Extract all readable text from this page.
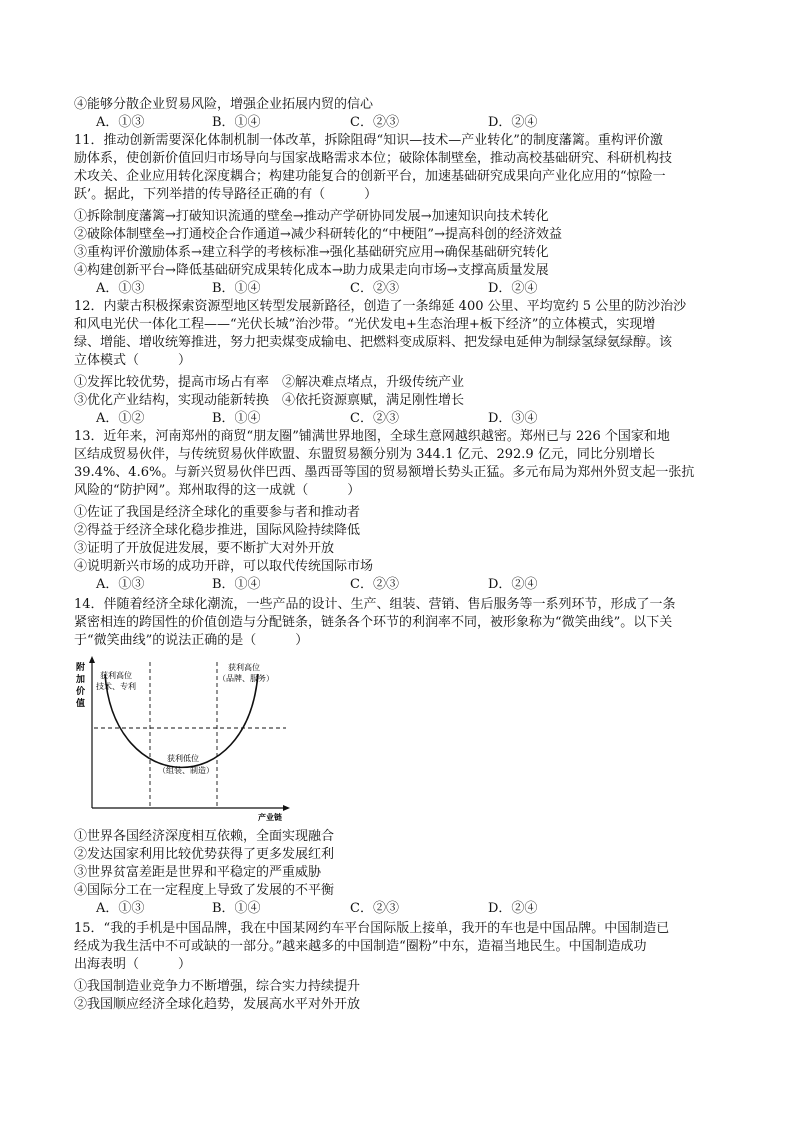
④能够分散企业贸易风险，增强企业拓展内贸的信心
A．①③	B．①④	C．②③	D．②④
11．推动创新需要深化体制机制一体改革，拆除阻碍“知识—技术—产业转化”的制度藩篱。重构评价激
励体系，使创新价值回归市场导向与国家战略需求本位；破除体制壁垒，推动高校基础研究、科研机构技
术攻关、企业应用转化深度耦合；构建功能复合的创新平台，加速基础研究成果向产业化应用的“惊险一
跃’。据此，下列举措的传导路径正确的有（　　　）
①拆除制度藩篱→打破知识流通的壁垒→推动产学研协同发展→加速知识向技术转化
②破除体制壁垒→打通校企合作通道→减少科研转化的“中梗阻”→提高科创的经济效益
③重构评价激励体系→建立科学的考核标准→强化基础研究应用→确保基础研究转化
④构建创新平台→降低基础研究成果转化成本→助力成果走向市场→支撑高质量发展
A．①③	B．①④	C．②③	D．②④
12．内蒙古积极探索资源型地区转型发展新路径，创造了一条绵延 400 公里、平均宽约 5 公里的防沙治沙
和风电光伏一体化工程——“光伏长城”治沙带。“光伏发电+生态治理+板下经济”的立体模式，实现增
绿、增能、增收统筹推进，努力把卖煤变成输电、把燃料变成原料、把发绿电延伸为制绿氢绿氨绿醇。该
立体模式（　　　）
①发挥比较优势，提高市场占有率　②解决难点堵点，升级传统产业
③优化产业结构，实现动能新转换　④依托资源禀赋，满足刚性增长
A．①②	B．①④	C．②③	D．③④
13．近年来，河南郑州的商贸“朋友圈”铺满世界地图，全球生意网越织越密。郑州已与 226 个国家和地
区结成贸易伙伴，与传统贸易伙伴欧盟、东盟贸易额分别为 344.1 亿元、292.9 亿元，同比分别增长
39.4%、4.6%。与新兴贸易伙伴巴西、墨西哥等国的贸易额增长势头正猛。多元布局为郑州外贸支起一张抗
风险的“防护网”。郑州取得的这一成就（　　　）
①佐证了我国是经济全球化的重要参与者和推动者
②得益于经济全球化稳步推进，国际风险持续降低
③证明了开放促进发展，要不断扩大对外开放
④说明新兴市场的成功开辟，可以取代传统国际市场
A．①③	B．①④	C．②③	D．②④
14．伴随着经济全球化潮流，一些产品的设计、生产、组装、营销、售后服务等一系列环节，形成了一条
紧密相连的跨国性的价值创造与分配链条，链条各个环节的利润率不同，被形象称为“微笑曲线”。以下关
于“微笑曲线”的说法正确的是（　　　）
附
加
价
值
获利高位
技术、专利
获利高位
（品牌、服务）
获利低位
（组装、制造）
产业链
①世界各国经济深度相互依赖，全面实现融合
②发达国家利用比较优势获得了更多发展红利
③世界贫富差距是世界和平稳定的严重威胁
④国际分工在一定程度上导致了发展的不平衡
A．①③	B．①④	C．②③	D．②④
15．“我的手机是中国品牌，我在中国某网约车平台国际版上接单，我开的车也是中国品牌。中国制造已
经成为我生活中不可或缺的一部分。”越来越多的中国制造“圈粉”中东，造福当地民生。中国制造成功
出海表明（　　　）
①我国制造业竞争力不断增强，综合实力持续提升
②我国顺应经济全球化趋势，发展高水平对外开放
